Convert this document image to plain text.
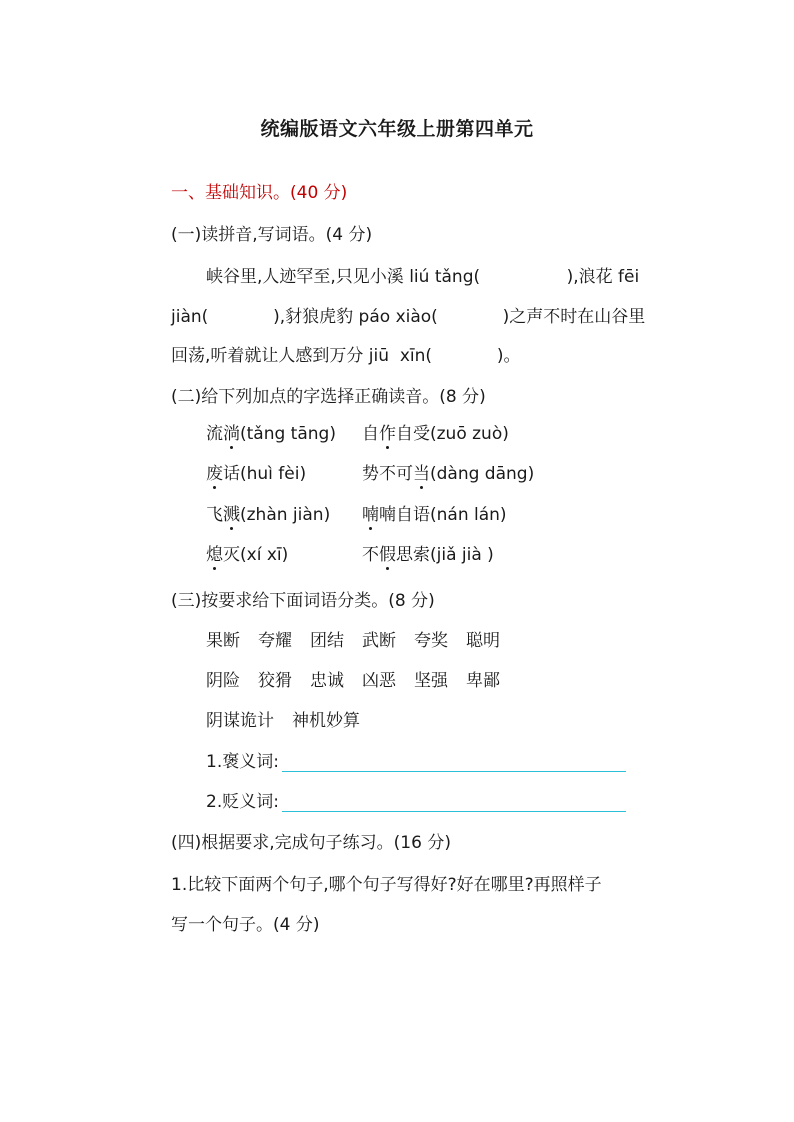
统编版语文六年级上册第四单元
一、基础知识。(40 分)
(一)读拼音,写词语。(4 分)
峡谷里,人迹罕至,只见小溪 liú tǎng(                ),浪花 fēi
jiàn(            ),豺狼虎豹 páo xiào(            )之声不时在山谷里
回荡,听着就让人感到万分 jiū  xīn(            )。
(二)给下列加点的字选择正确读音。(8 分)
流淌(tǎng tāng) 自作自受(zuō zuò)
废话(huì fèi)	势不可当(dàng dāng)
飞溅(zhàn jiàn) 喃喃自语(nán lán)
熄灭(xí xī)	不假思索(jiǎ jià )
(三)按要求给下面词语分类。(8 分)
果断 夸耀 团结 武断 夸奖 聪明
阴险 狡猾 忠诚 凶恶 坚强 卑鄙
阴谋诡计 神机妙算
1.褒义词:
2.贬义词:
(四)根据要求,完成句子练习。(16 分)
1.比较下面两个句子,哪个句子写得好?好在哪里?再照样子
写一个句子。(4 分)
